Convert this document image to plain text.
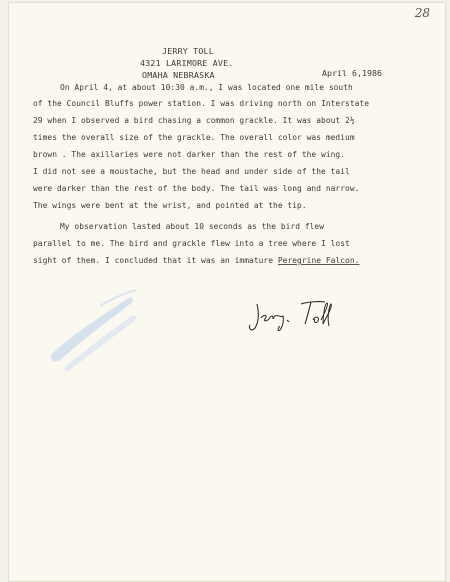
28
JERRY TOLL
4321 LARIMORE AVE.
OMAHA NEBRASKA	April 6,1986
On April 4, at about 10:30 a.m., I was located one mile south
of the Council Bluffs power station. I was driving north on Interstate
29 when I observed a bird chasing a common grackle. It was about 2½
times the overall size of the grackle. The overall color was medium
brown . The axillaries were not darker than the rest of the wing.
I did not see a moustache, but the head and under side of the tail
were darker than the rest of the body. The tail was long and narrow.
The wings were bent at the wrist, and pointed at the tip.
My observation lasted about 10 seconds as the bird flew
parallel to me. The bird and grackle flew into a tree where I lost
sight of them. I concluded that it was an immature Peregrine Falcon.
